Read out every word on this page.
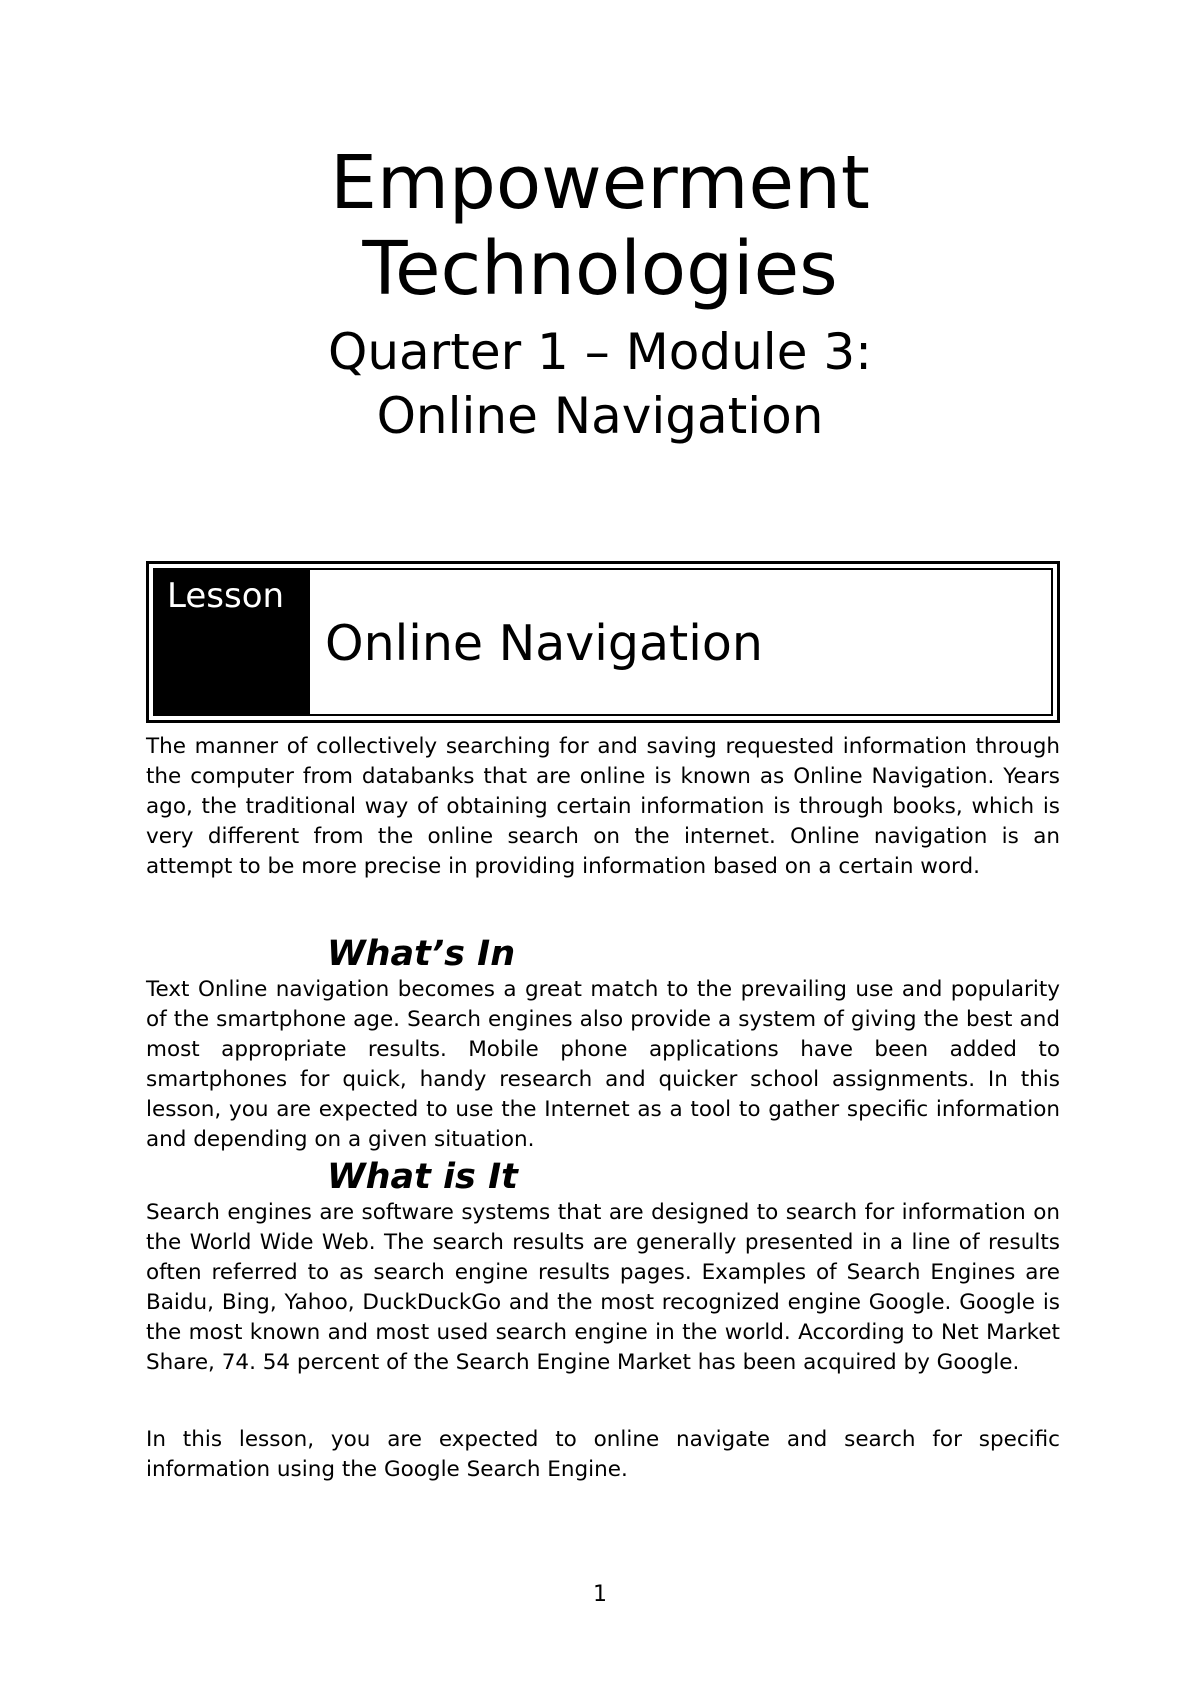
Empowerment
Technologies
Quarter 1 – Module 3:
Online Navigation
Lesson
Online Navigation

The manner of collectively searching for and saving requested information through the computer from databanks that are online is known as Online Navigation. Years ago, the traditional way of obtaining certain information is through books, which is very different from the online search on the internet. Online navigation is an attempt to be more precise in providing information based on a certain word.

What’s In

Text Online navigation becomes a great match to the prevailing use and popularity of the smartphone age. Search engines also provide a system of giving the best and most appropriate results. Mobile phone applications have been added to smartphones for quick, handy research and quicker school assignments. In this lesson, you are expected to use the Internet as a tool to gather specific information and depending on a given situation.

What is It

Search engines are software systems that are designed to search for information on the World Wide Web. The search results are generally presented in a line of results often referred to as search engine results pages. Examples of Search Engines are Baidu, Bing, Yahoo, DuckDuckGo and the most recognized engine Google. Google is the most known and most used search engine in the world. According to Net Market Share, 74. 54 percent of the Search Engine Market has been acquired by Google.

In this lesson, you are expected to online navigate and search for specific information using the Google Search Engine.

1
